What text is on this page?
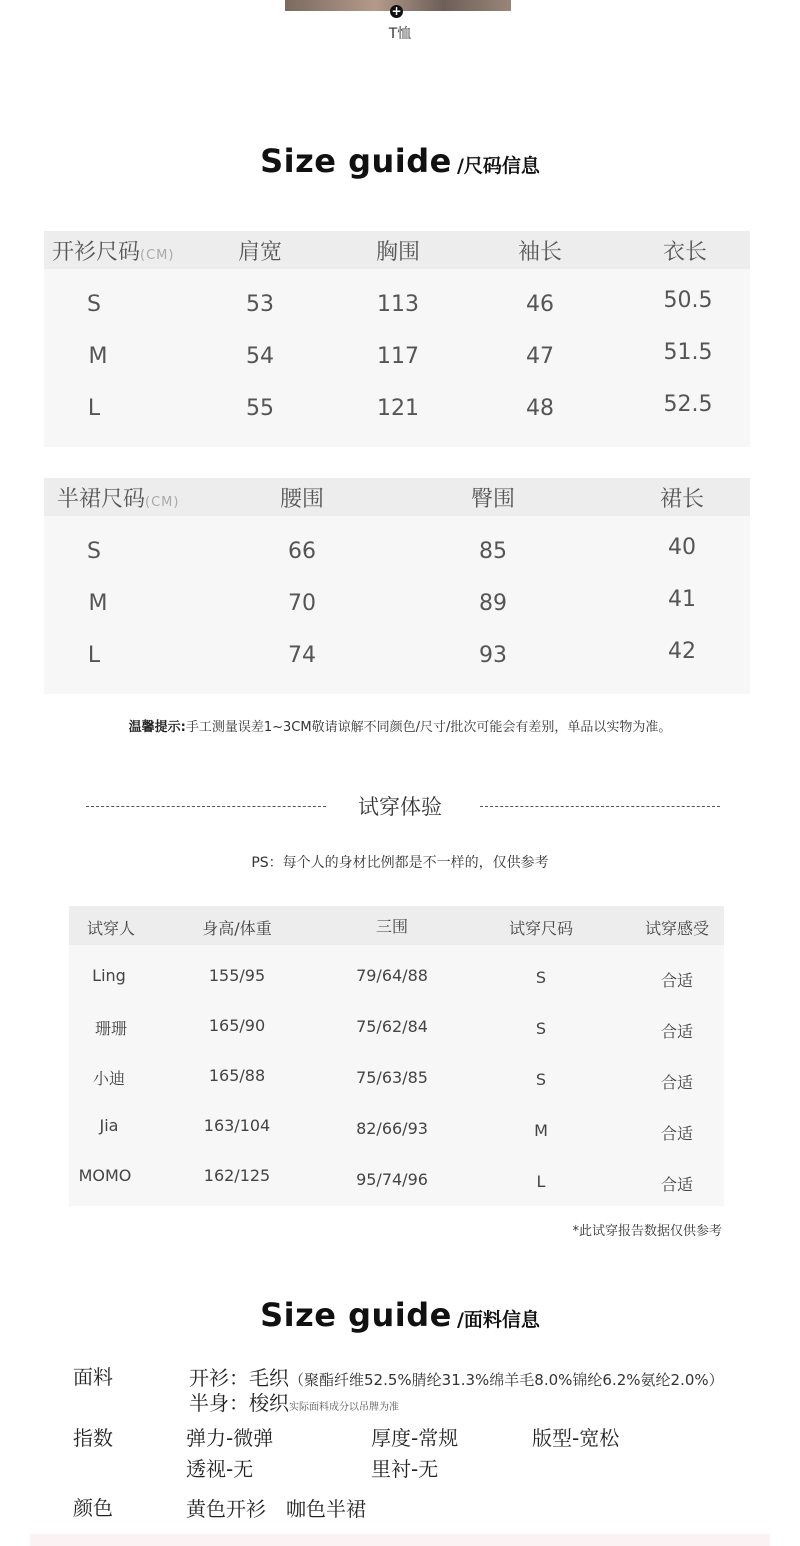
+
T恤
Size guide /尺码信息
开衫尺码(CM)	肩宽	胸围	袖长	衣长
S	53	113	46	50.5
M	54	117	47	51.5
L	55	121	48	52.5
半裙尺码(CM)	腰围	臀围	裙长
S	66	85	40
M	70	89	41
L	74	93	42
温馨提示:手工测量误差1~3CM敬请谅解不同颜色/尺寸/批次可能会有差别，单品以实物为准。
试穿体验
PS：每个人的身材比例都是不一样的，仅供参考
试穿人	身高/体重	三围	试穿尺码	试穿感受
Ling	155/95	79/64/88	S	合适
珊珊	165/90	75/62/84	S	合适
小迪	165/88	75/63/85	S	合适
Jia	163/104	82/66/93	M	合适
MOMO	162/125	95/74/96	L	合适
*此试穿报告数据仅供参考
Size guide /面料信息
面料	开衫：毛织（聚酯纤维52.5%腈纶31.3%绵羊毛8.0%锦纶6.2%氨纶2.0%）
半身：梭织实际面料成分以吊牌为准
指数	弹力-微弹	厚度-常规	版型-宽松
透视-无	里衬-无
颜色	黄色开衫 咖色半裙
